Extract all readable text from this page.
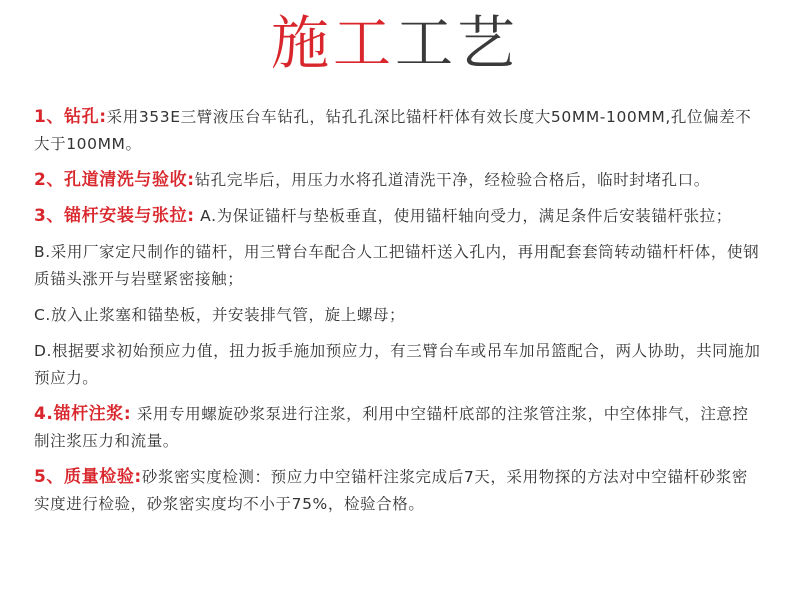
施工工艺
1、钻孔:采用353E三臂液压台车钻孔，钻孔孔深比锚杆杆体有效长度大50MM-100MM,孔位偏差不大于100MM。
2、孔道清洗与验收:钻孔完毕后，用压力水将孔道清洗干净，经检验合格后，临时封堵孔口。
3、锚杆安装与张拉: A.为保证锚杆与垫板垂直，使用锚杆轴向受力，满足条件后安装锚杆张拉；
B.采用厂家定尺制作的锚杆，用三臂台车配合人工把锚杆送入孔内，再用配套套筒转动锚杆杆体，使钢质锚头涨开与岩壁紧密接触；
C.放入止浆塞和锚垫板，并安装排气管，旋上螺母；
D.根据要求初始预应力值，扭力扳手施加预应力，有三臂台车或吊车加吊篮配合，两人协助，共同施加预应力。
4.锚杆注浆: 采用专用螺旋砂浆泵进行注浆，利用中空锚杆底部的注浆管注浆，中空体排气，注意控制注浆压力和流量。
5、质量检验:砂浆密实度检测：预应力中空锚杆注浆完成后7天，采用物探的方法对中空锚杆砂浆密实度进行检验，砂浆密实度均不小于75%，检验合格。
